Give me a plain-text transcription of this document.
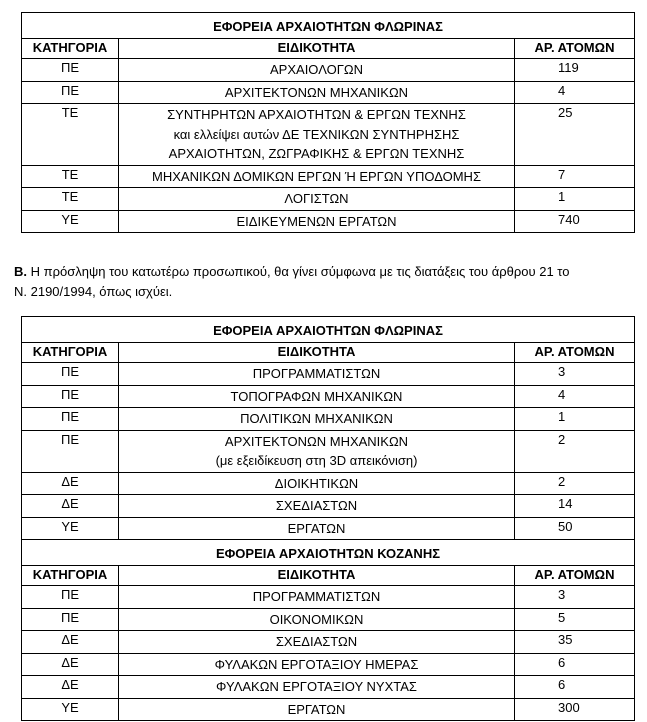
ΕΦΟΡΕΙΑ ΑΡΧΑΙΟΤΗΤΩΝ ΦΛΩΡΙΝΑΣ		
ΚΑΤΗΓΟΡΙΑ	ΕΙΔΙΚΟΤΗΤΑ	ΑΡ. ΑΤΟΜΩΝ
ΠΕ	ΑΡΧΑΙΟΛΟΓΩΝ	119
ΠΕ	ΑΡΧΙΤΕΚΤΟΝΩΝ ΜΗΧΑΝΙΚΩΝ	4
ΤΕ	ΣΥΝΤΗΡΗΤΩΝ ΑΡΧΑΙΟΤΗΤΩΝ & ΕΡΓΩΝ ΤΕΧΝΗΣ
και ελλείψει αυτών ΔΕ ΤΕΧΝΙΚΩΝ ΣΥΝΤΗΡΗΣΗΣ
ΑΡΧΑΙΟΤΗΤΩΝ, ΖΩΓΡΑΦΙΚΗΣ & ΕΡΓΩΝ ΤΕΧΝΗΣ	25
ΤΕ	ΜΗΧΑΝΙΚΩΝ ΔΟΜΙΚΩΝ ΕΡΓΩΝ Ή ΕΡΓΩΝ ΥΠΟΔΟΜΗΣ	7
ΤΕ	ΛΟΓΙΣΤΩΝ	1
ΥΕ	ΕΙΔΙΚΕΥΜΕΝΩΝ ΕΡΓΑΤΩΝ	740
Β. Η πρόσληψη του κατωτέρω προσωπικού, θα γίνει σύμφωνα με τις διατάξεις του άρθρου 21 το
Ν. 2190/1994, όπως ισχύει.
ΕΦΟΡΕΙΑ ΑΡΧΑΙΟΤΗΤΩΝ ΦΛΩΡΙΝΑΣ		
ΚΑΤΗΓΟΡΙΑ	ΕΙΔΙΚΟΤΗΤΑ	ΑΡ. ΑΤΟΜΩΝ
ΠΕ	ΠΡΟΓΡΑΜΜΑΤΙΣΤΩΝ	3
ΠΕ	ΤΟΠΟΓΡΑΦΩΝ ΜΗΧΑΝΙΚΩΝ	4
ΠΕ	ΠΟΛΙΤΙΚΩΝ ΜΗΧΑΝΙΚΩΝ	1
ΠΕ	ΑΡΧΙΤΕΚΤΟΝΩΝ ΜΗΧΑΝΙΚΩΝ
(με εξειδίκευση στη 3D απεικόνιση)	2
ΔΕ	ΔΙΟΙΚΗΤΙΚΩΝ	2
ΔΕ	ΣΧΕΔΙΑΣΤΩΝ	14
ΥΕ	ΕΡΓΑΤΩΝ	50
ΕΦΟΡΕΙΑ ΑΡΧΑΙΟΤΗΤΩΝ ΚΟΖΑΝΗΣ		
ΚΑΤΗΓΟΡΙΑ	ΕΙΔΙΚΟΤΗΤΑ	ΑΡ. ΑΤΟΜΩΝ
ΠΕ	ΠΡΟΓΡΑΜΜΑΤΙΣΤΩΝ	3
ΠΕ	ΟΙΚΟΝΟΜΙΚΩΝ	5
ΔΕ	ΣΧΕΔΙΑΣΤΩΝ	35
ΔΕ	ΦΥΛΑΚΩΝ ΕΡΓΟΤΑΞΙΟΥ ΗΜΕΡΑΣ	6
ΔΕ	ΦΥΛΑΚΩΝ ΕΡΓΟΤΑΞΙΟΥ ΝΥΧΤΑΣ	6
ΥΕ	ΕΡΓΑΤΩΝ	300
